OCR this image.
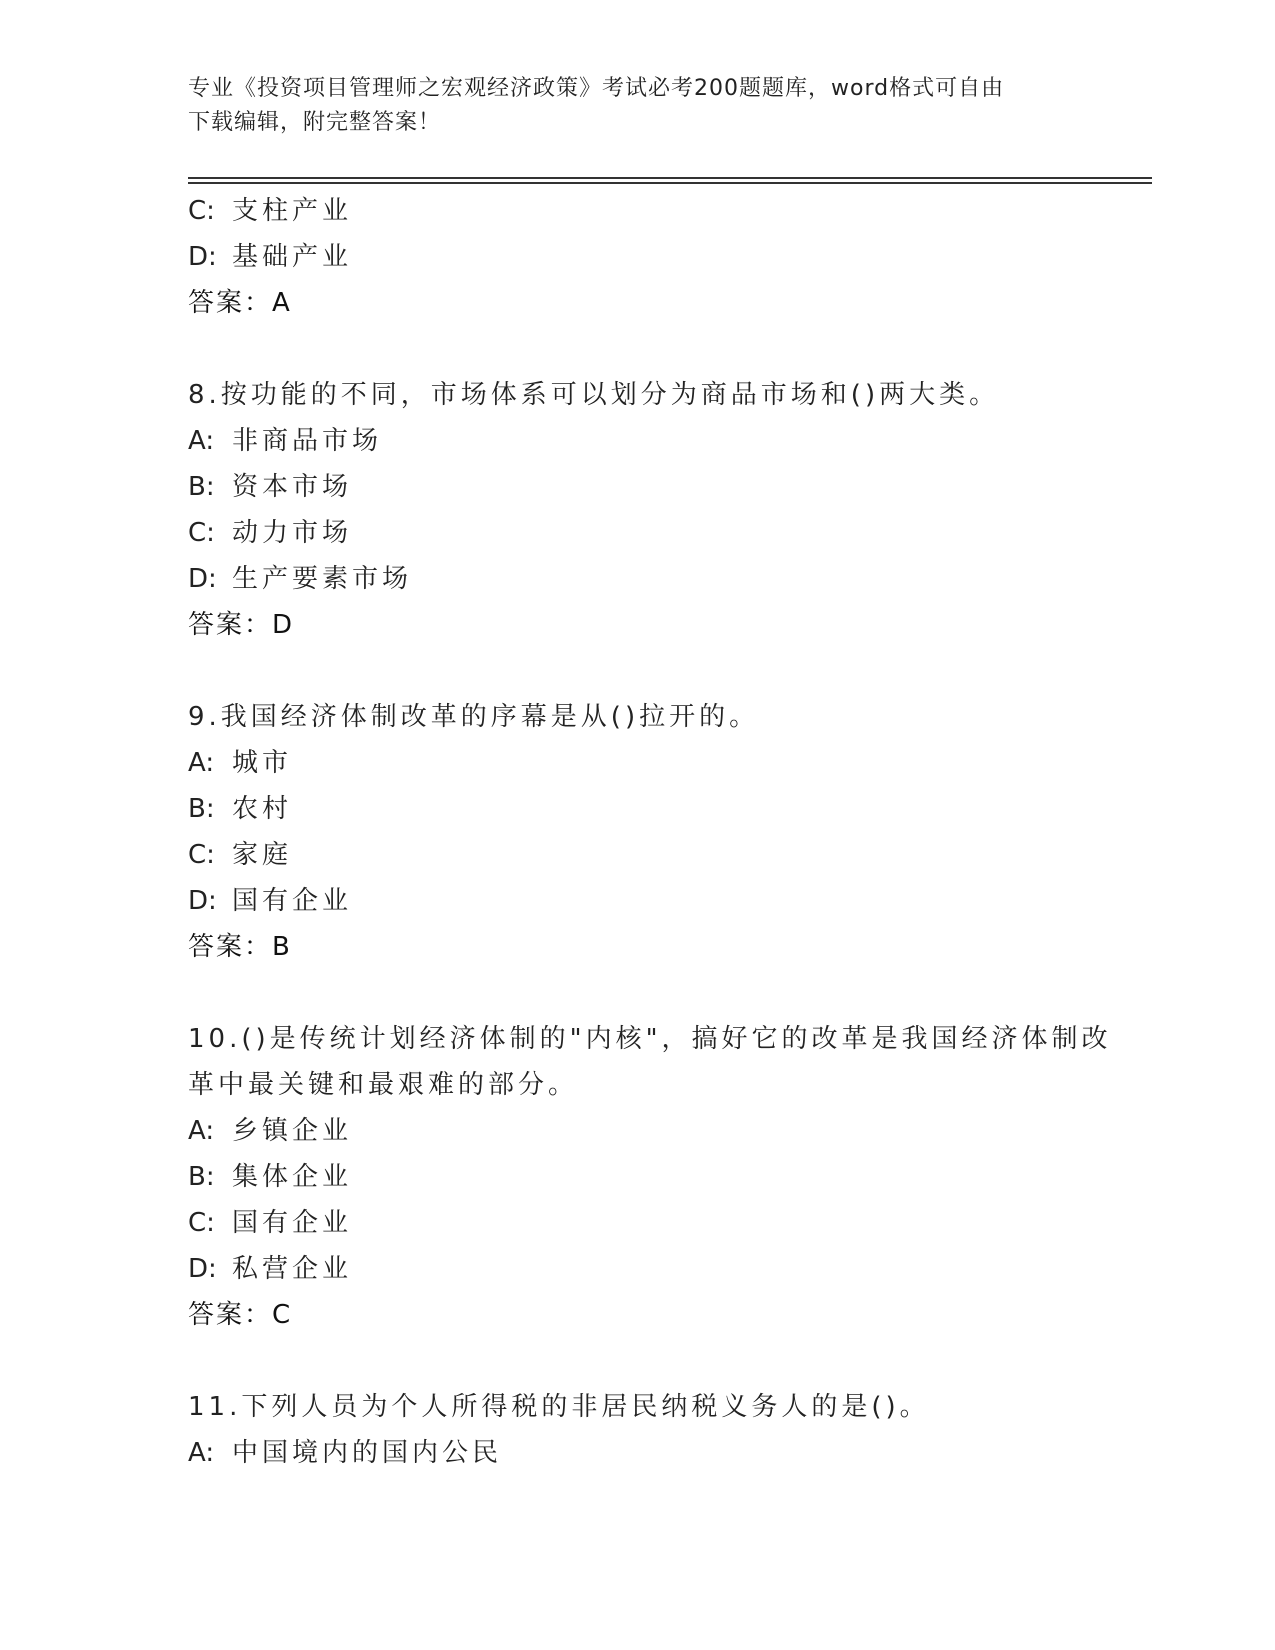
专业《投资项目管理师之宏观经济政策》考试必考200题题库，word格式可自由
下载编辑，附完整答案！
C: 支柱产业
D: 基础产业
答案：A
8.按功能的不同，市场体系可以划分为商品市场和()两大类。
A: 非商品市场
B: 资本市场
C: 动力市场
D: 生产要素市场
答案：D
9.我国经济体制改革的序幕是从()拉开的。
A: 城市
B: 农村
C: 家庭
D: 国有企业
答案：B
10.()是传统计划经济体制的"内核"，搞好它的改革是我国经济体制改
革中最关键和最艰难的部分。
A: 乡镇企业
B: 集体企业
C: 国有企业
D: 私营企业
答案：C
11.下列人员为个人所得税的非居民纳税义务人的是()。
A: 中国境内的国内公民
